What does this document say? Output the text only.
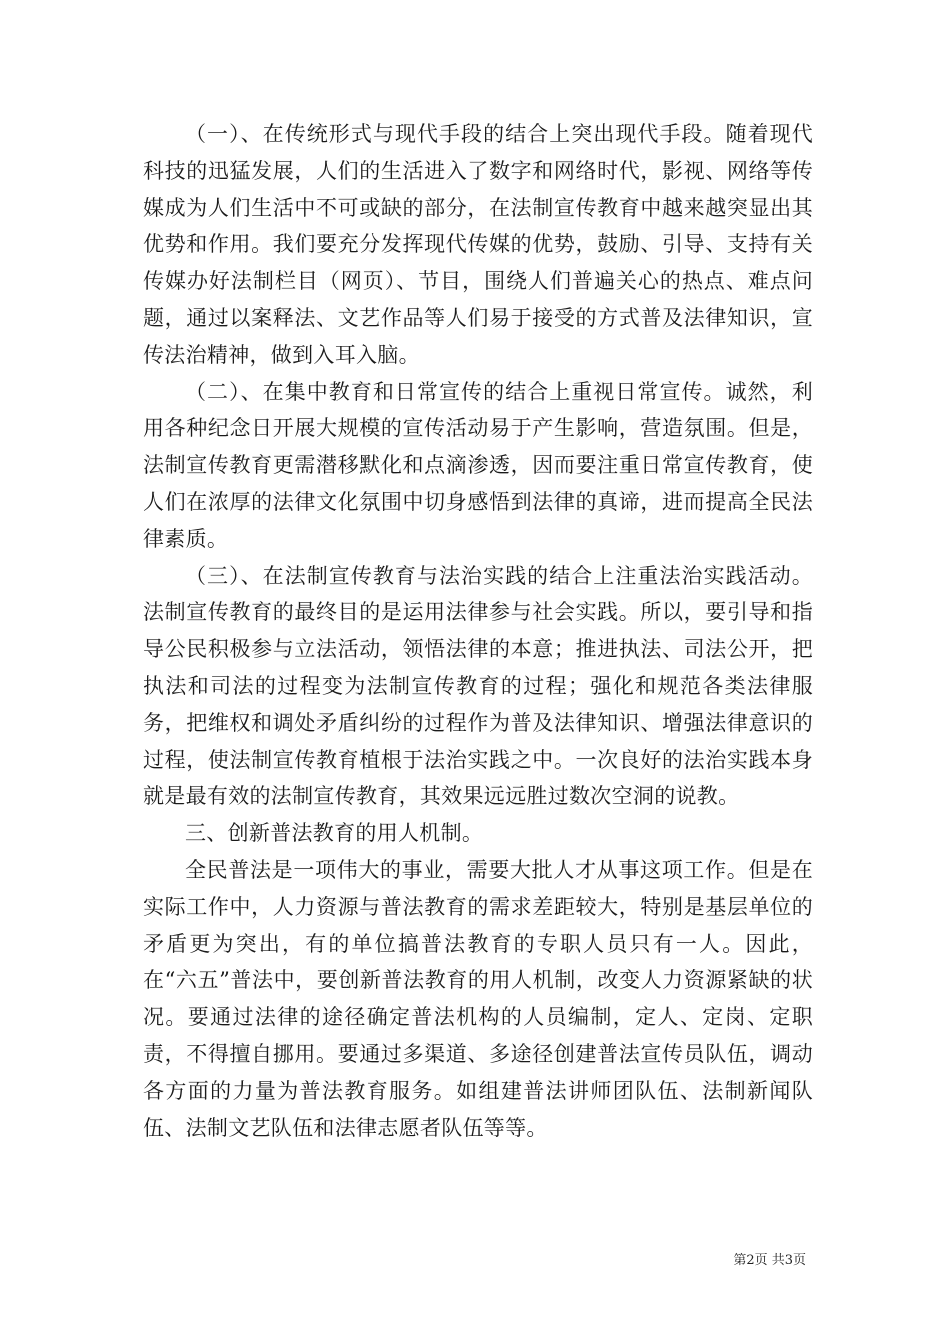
（一）、在传统形式与现代手段的结合上突出现代手段。随着现代科技的迅猛发展，人们的生活进入了数字和网络时代，影视、网络等传媒成为人们生活中不可或缺的部分，在法制宣传教育中越来越突显出其优势和作用。我们要充分发挥现代传媒的优势，鼓励、引导、支持有关传媒办好法制栏目（网页）、节目，围绕人们普遍关心的热点、难点问题，通过以案释法、文艺作品等人们易于接受的方式普及法律知识，宣传法治精神，做到入耳入脑。

（二）、在集中教育和日常宣传的结合上重视日常宣传。诚然，利用各种纪念日开展大规模的宣传活动易于产生影响，营造氛围。但是，法制宣传教育更需潜移默化和点滴渗透，因而要注重日常宣传教育，使人们在浓厚的法律文化氛围中切身感悟到法律的真谛，进而提高全民法律素质。

（三）、在法制宣传教育与法治实践的结合上注重法治实践活动。法制宣传教育的最终目的是运用法律参与社会实践。所以，要引导和指导公民积极参与立法活动，领悟法律的本意；推进执法、司法公开，把执法和司法的过程变为法制宣传教育的过程；强化和规范各类法律服务，把维权和调处矛盾纠纷的过程作为普及法律知识、增强法律意识的过程，使法制宣传教育植根于法治实践之中。一次良好的法治实践本身就是最有效的法制宣传教育，其效果远远胜过数次空洞的说教。

三、创新普法教育的用人机制。

全民普法是一项伟大的事业，需要大批人才从事这项工作。但是在实际工作中，人力资源与普法教育的需求差距较大，特别是基层单位的矛盾更为突出，有的单位搞普法教育的专职人员只有一人。因此，在“六五”普法中，要创新普法教育的用人机制，改变人力资源紧缺的状况。要通过法律的途径确定普法机构的人员编制，定人、定岗、定职责，不得擅自挪用。要通过多渠道、多途径创建普法宣传员队伍，调动各方面的力量为普法教育服务。如组建普法讲师团队伍、法制新闻队伍、法制文艺队伍和法律志愿者队伍等等。

第2页 共3页
